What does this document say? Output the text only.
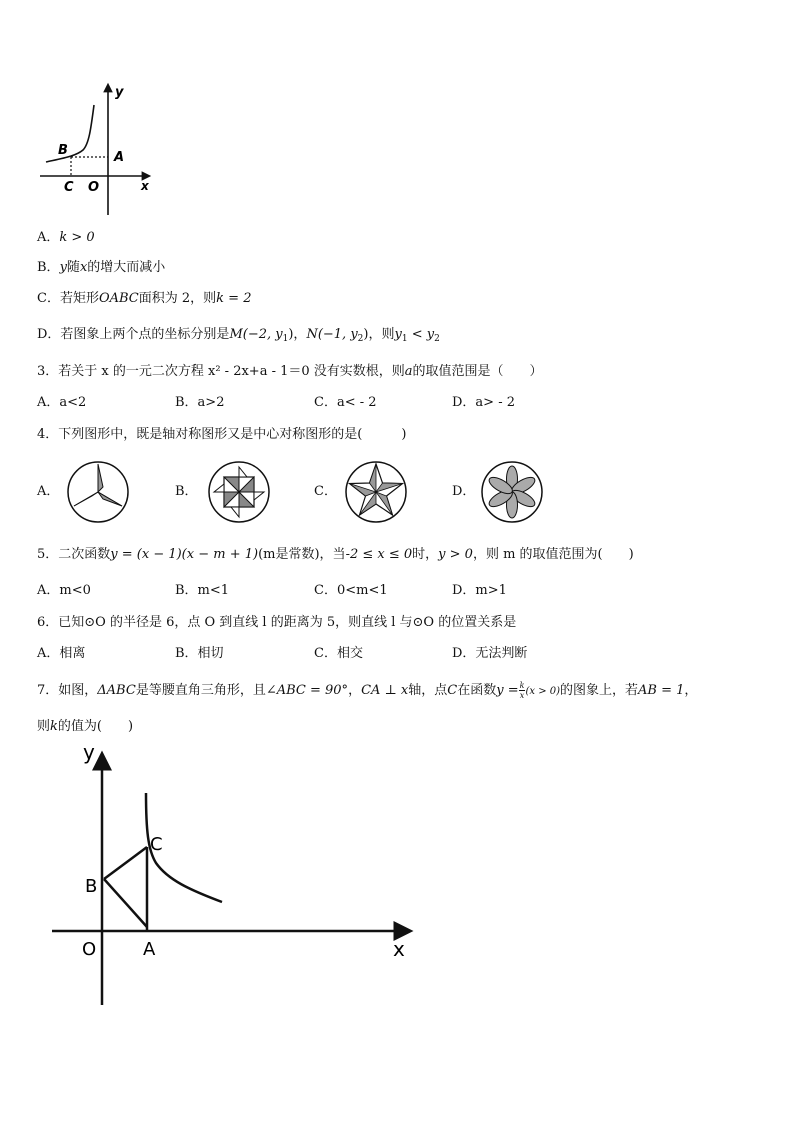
y
x
B	A
C O
A．k > 0
B．y随x的增大而减小
C．若矩形OABC面积为 2，则k = 2
D．若图象上两个点的坐标分别是M(−2, $y_1$)，N(−1, $y_2$)，则$y_1 < y_2$
3．若关于 x 的一元二次方程 x² ‐ 2x+a ‐ 1＝0 没有实数根，则a的取值范围是（　　）
A．a<2	B．a>2	C．a< ‐ 2	D．a> ‐ 2
4．下列图形中，既是轴对称图形又是中心对称图形的是(　　　)
A．	B．	C．	D．
5．二次函数y = (x − 1)(x − m + 1)(m是常数)，当-2 ≤ x ≤ 0时，y > 0，则 m 的取值范围为(　　)
A．m<0	B．m<1	C．0<m<1	D．m>1
6．已知⊙O 的半径是 6，点 O 到直线 l 的距离为 5，则直线 l 与⊙O 的位置关系是
A．相离	B．相切	C．相交	D．无法判断
7．如图，ΔABC是等腰直角三角形，且∠ABC = 90°，CA ⊥ x轴，点C在函数$y = \frac{k}{x} (x > 0)$的图象上，若AB = 1，
则k的值为(　　)
y
x
O	A
B
C
